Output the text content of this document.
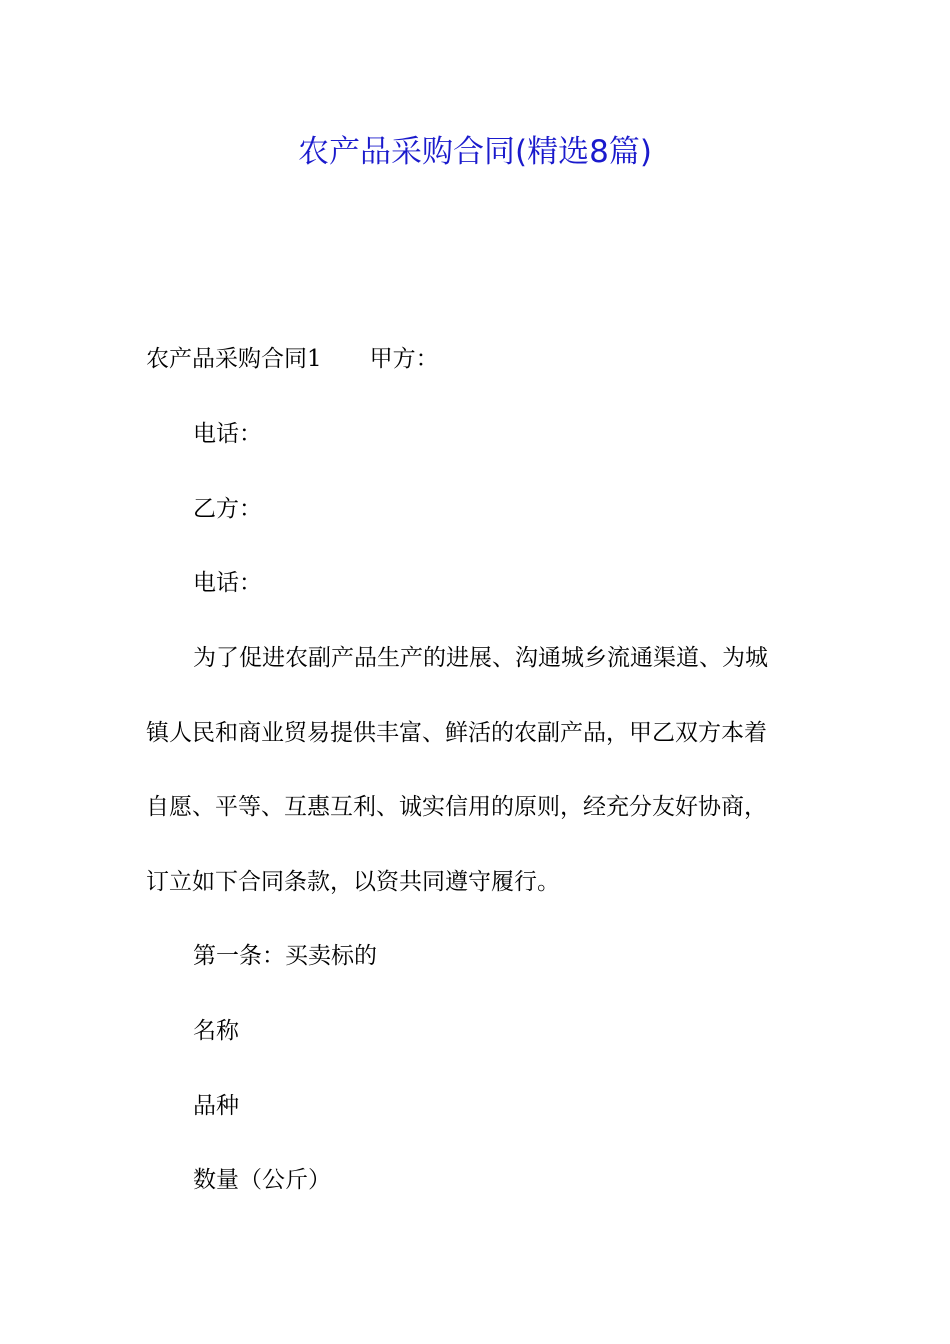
农产品采购合同(精选8篇)
农产品采购合同1 甲方：
电话：
乙方：
电话：
为了促进农副产品生产的进展、沟通城乡流通渠道、为城
镇人民和商业贸易提供丰富、鲜活的农副产品，甲乙双方本着
自愿、平等、互惠互利、诚实信用的原则，经充分友好协商，
订立如下合同条款，以资共同遵守履行。
第一条：买卖标的
名称
品种
数量（公斤）
